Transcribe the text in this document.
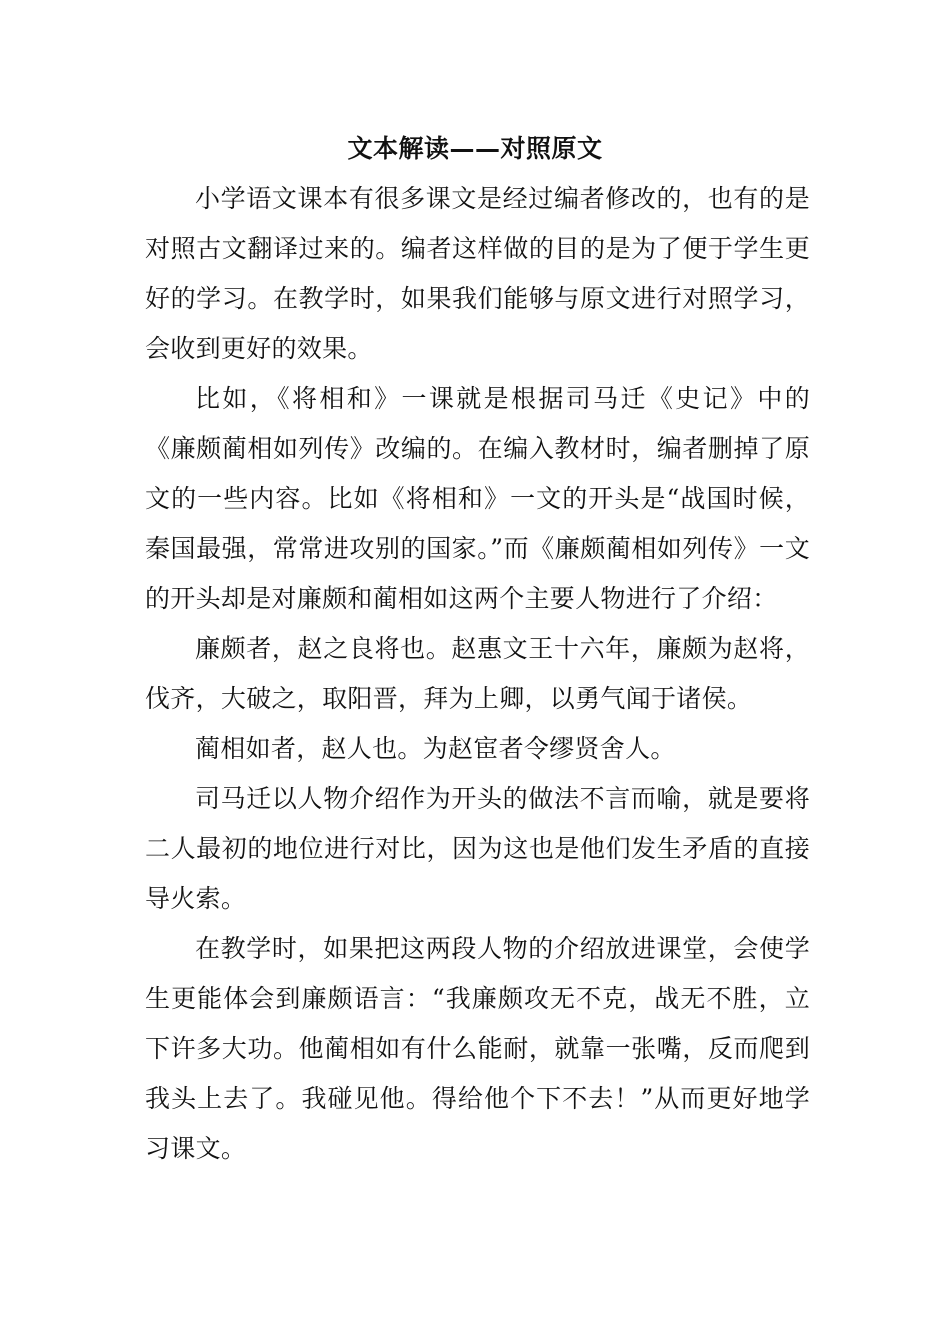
文本解读——对照原文

小学语文课本有很多课文是经过编者修改的，也有的是对照古文翻译过来的。编者这样做的目的是为了便于学生更好的学习。在教学时，如果我们能够与原文进行对照学习，会收到更好的效果。

比如，《将相和》一课就是根据司马迁《史记》中的《廉颇蔺相如列传》改编的。在编入教材时，编者删掉了原文的一些内容。比如《将相和》一文的开头是“战国时候，秦国最强，常常进攻别的国家。”而《廉颇蔺相如列传》一文的开头却是对廉颇和蔺相如这两个主要人物进行了介绍：

廉颇者，赵之良将也。赵惠文王十六年，廉颇为赵将，伐齐，大破之，取阳晋，拜为上卿，以勇气闻于诸侯。

蔺相如者，赵人也。为赵宦者令缪贤舍人。

司马迁以人物介绍作为开头的做法不言而喻，就是要将二人最初的地位进行对比，因为这也是他们发生矛盾的直接导火索。

在教学时，如果把这两段人物的介绍放进课堂，会使学生更能体会到廉颇语言：“我廉颇攻无不克，战无不胜，立下许多大功。他蔺相如有什么能耐，就靠一张嘴，反而爬到我头上去了。我碰见他。得给他个下不去！”从而更好地学习课文。
